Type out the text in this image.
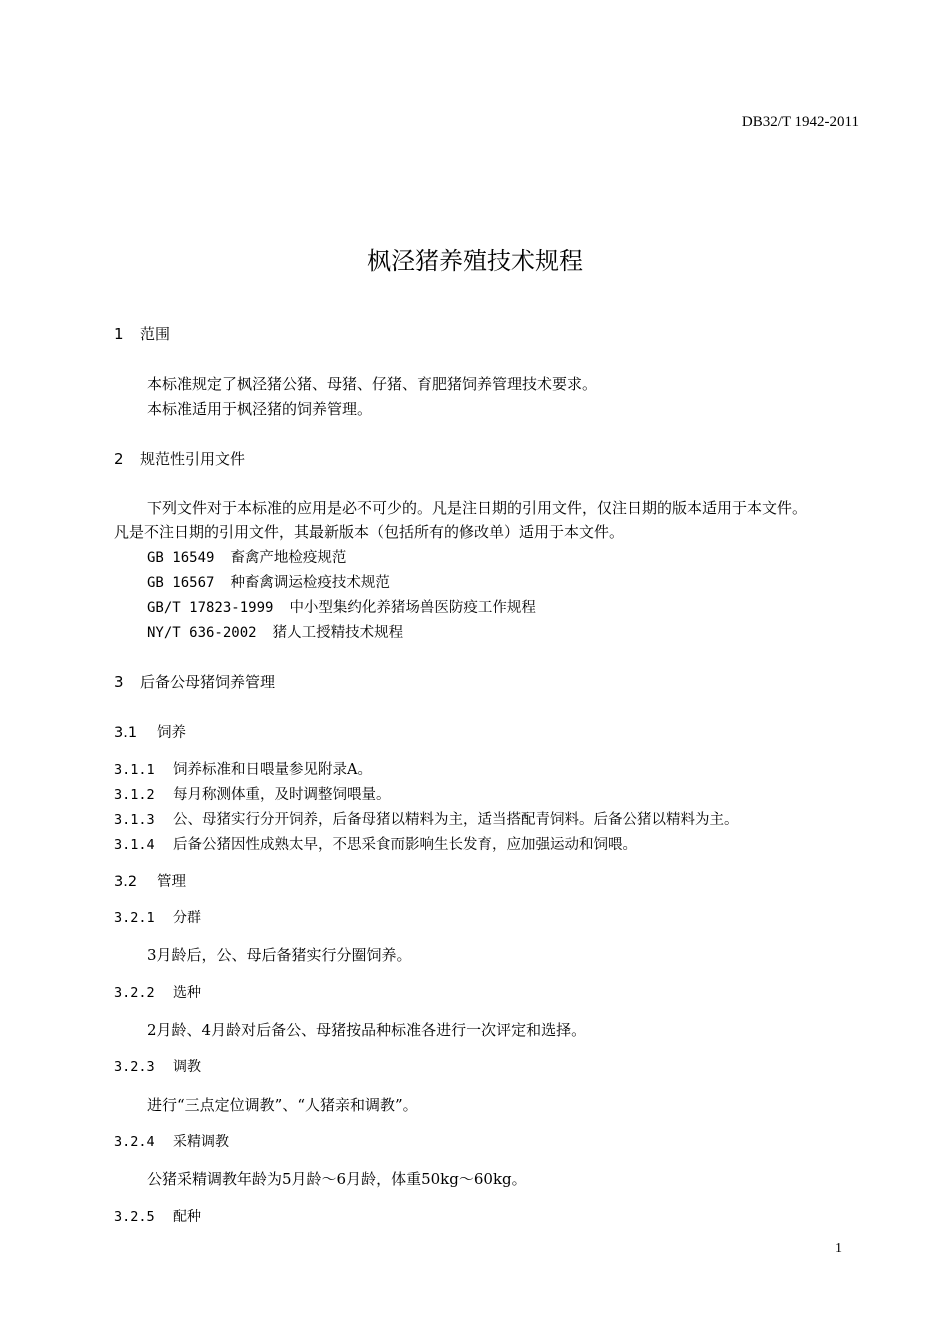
DB32/T 1942-2011
枫泾猪养殖技术规程
1 范围
本标准规定了枫泾猪公猪、母猪、仔猪、育肥猪饲养管理技术要求。
本标准适用于枫泾猪的饲养管理。
2 规范性引用文件
下列文件对于本标准的应用是必不可少的。凡是注日期的引用文件，仅注日期的版本适用于本文件。
凡是不注日期的引用文件，其最新版本（包括所有的修改单）适用于本文件。
GB 16549 畜禽产地检疫规范
GB 16567 种畜禽调运检疫技术规范
GB/T 17823-1999 中小型集约化养猪场兽医防疫工作规程
NY/T 636-2002 猪人工授精技术规程
3 后备公母猪饲养管理
3.1 饲养
3.1.1 饲养标准和日喂量参见附录A。
3.1.2 每月称测体重，及时调整饲喂量。
3.1.3 公、母猪实行分开饲养，后备母猪以精料为主，适当搭配青饲料。后备公猪以精料为主。
3.1.4 后备公猪因性成熟太早，不思采食而影响生长发育，应加强运动和饲喂。
3.2 管理
3.2.1 分群
3月龄后，公、母后备猪实行分圈饲养。
3.2.2 选种
2月龄、4月龄对后备公、母猪按品种标准各进行一次评定和选择。
3.2.3 调教
进行“三点定位调教”、“人猪亲和调教”。
3.2.4 采精调教
公猪采精调教年龄为5月龄～6月龄，体重50kg～60kg。
3.2.5 配种
1
